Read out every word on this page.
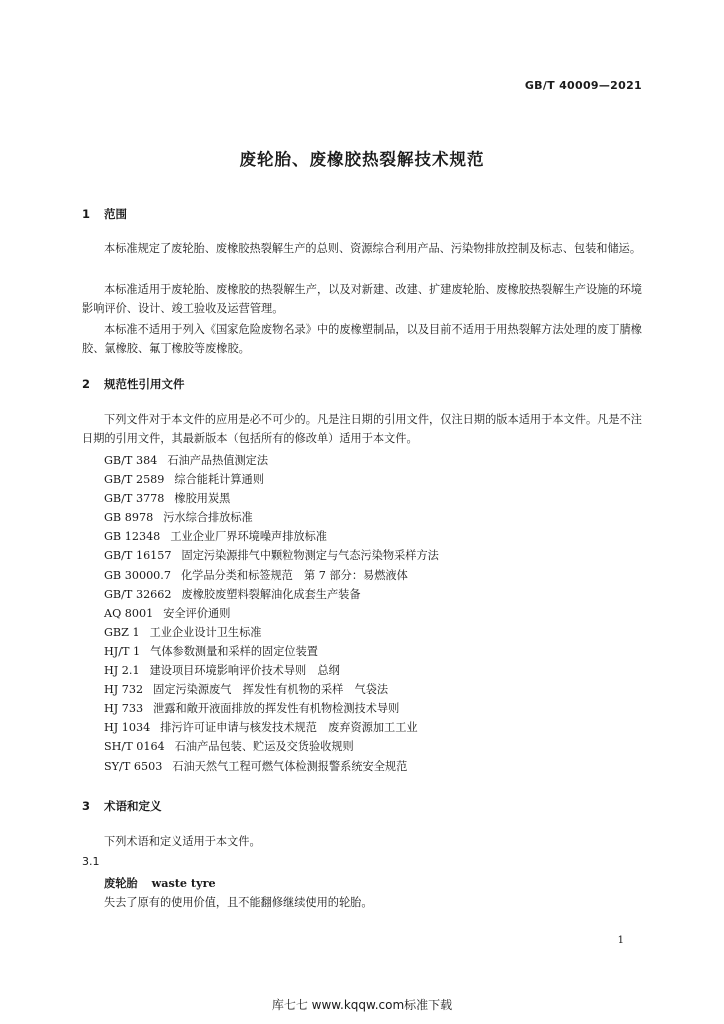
GB/T 40009—2021
废轮胎、废橡胶热裂解技术规范
1 范围
本标准规定了废轮胎、废橡胶热裂解生产的总则、资源综合利用产品、污染物排放控制及标志、包装和储运。
本标准适用于废轮胎、废橡胶的热裂解生产，以及对新建、改建、扩建废轮胎、废橡胶热裂解生产设施的环境影响评价、设计、竣工验收及运营管理。
本标准不适用于列入《国家危险废物名录》中的废橡塑制品，以及目前不适用于用热裂解方法处理的废丁腈橡胶、氯橡胶、氟丁橡胶等废橡胶。
2 规范性引用文件
下列文件对于本文件的应用是必不可少的。凡是注日期的引用文件，仅注日期的版本适用于本文件。凡是不注日期的引用文件，其最新版本（包括所有的修改单）适用于本文件。
GB/T 384 石油产品热值测定法
GB/T 2589 综合能耗计算通则
GB/T 3778 橡胶用炭黑
GB 8978 污水综合排放标准
GB 12348 工业企业厂界环境噪声排放标准
GB/T 16157 固定污染源排气中颗粒物测定与气态污染物采样方法
GB 30000.7 化学品分类和标签规范　第 7 部分：易燃液体
GB/T 32662 废橡胶废塑料裂解油化成套生产装备
AQ 8001 安全评价通则
GBZ 1 工业企业设计卫生标准
HJ/T 1 气体参数测量和采样的固定位装置
HJ 2.1 建设项目环境影响评价技术导则　总纲
HJ 732 固定污染源废气　挥发性有机物的采样　气袋法
HJ 733 泄露和敞开液面排放的挥发性有机物检测技术导则
HJ 1034 排污许可证申请与核发技术规范　废弃资源加工工业
SH/T 0164 石油产品包装、贮运及交货验收规则
SY/T 6503 石油天然气工程可燃气体检测报警系统安全规范
3 术语和定义
下列术语和定义适用于本文件。
3.1
废轮胎 waste tyre
失去了原有的使用价值，且不能翻修继续使用的轮胎。
1
库七七 www.kqqw.com标准下载
